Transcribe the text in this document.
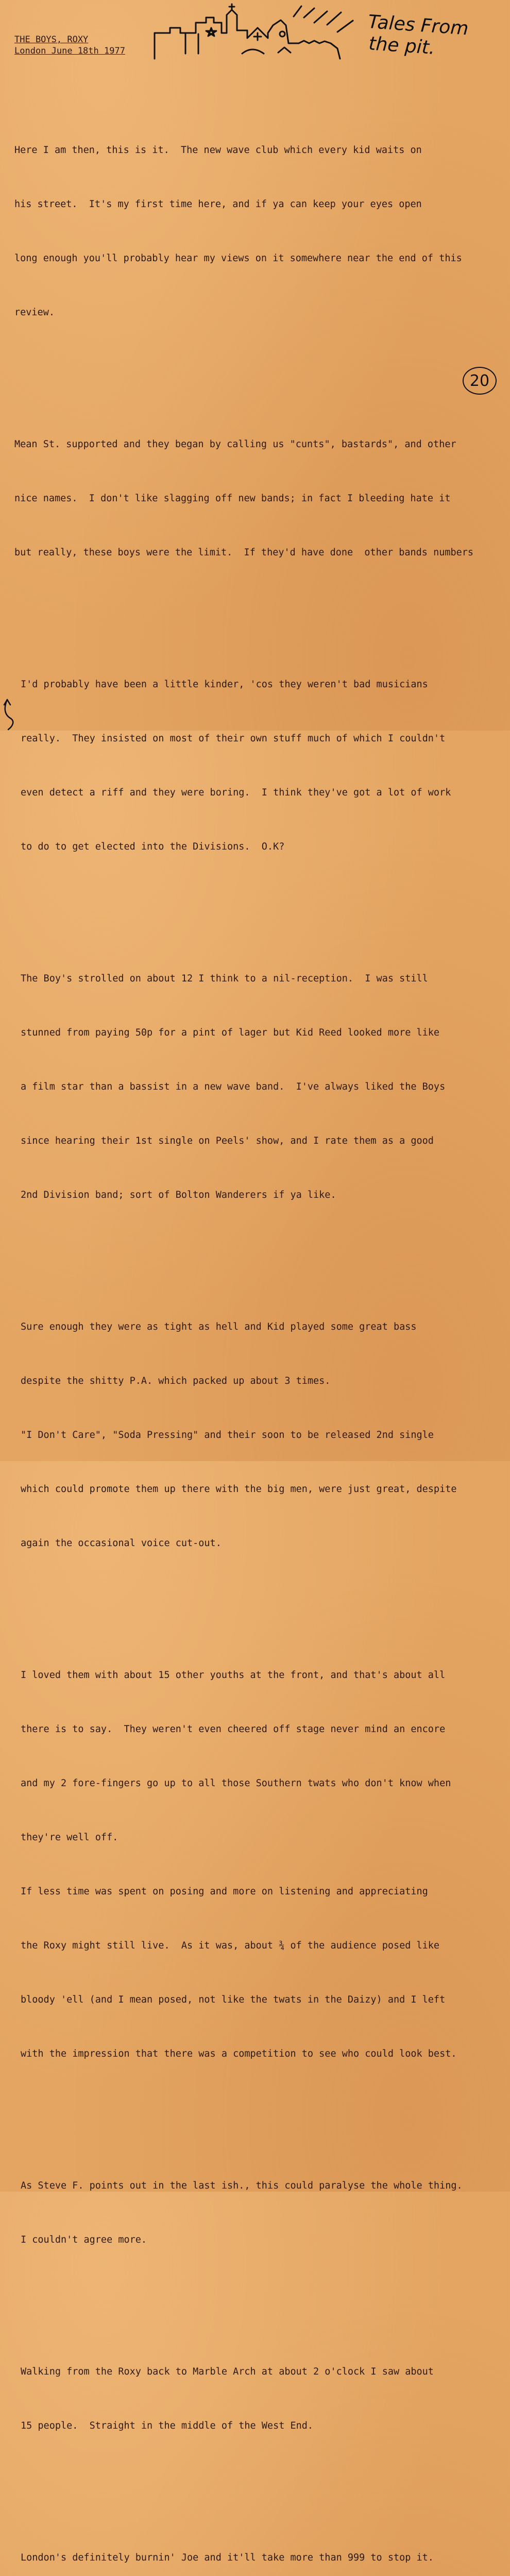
THE BOYS, ROXY
London June 18th 1977
Tales From
the pit.
20

Here I am then, this is it.  The new wave club which every kid waits on

his street.  It's my first time here, and if ya can keep your eyes open

long enough you'll probably hear my views on it somewhere near the end of this

review.

Mean St. supported and they began by calling us "cunts", bastards", and other

nice names.  I don't like slagging off new bands; in fact I bleeding hate it

but really, these boys were the limit.  If they'd have done  other bands numbers

I'd probably have been a little kinder, 'cos they weren't bad musicians

really.  They insisted on most of their own stuff much of which I couldn't

even detect a riff and they were boring.  I think they've got a lot of work

to do to get elected into the Divisions.  O.K?

The Boy's strolled on about 12 I think to a nil-reception.  I was still

stunned from paying 50p for a pint of lager but Kid Reed looked more like

a film star than a bassist in a new wave band.  I've always liked the Boys

since hearing their 1st single on Peels' show, and I rate them as a good

2nd Division band; sort of Bolton Wanderers if ya like.

Sure enough they were as tight as hell and Kid played some great bass

despite the shitty P.A. which packed up about 3 times.

"I Don't Care", "Soda Pressing" and their soon to be released 2nd single

which could promote them up there with the big men, were just great, despite

again the occasional voice cut-out.

I loved them with about 15 other youths at the front, and that's about all

there is to say.  They weren't even cheered off stage never mind an encore

and my 2 fore-fingers go up to all those Southern twats who don't know when

they're well off.

If less time was spent on posing and more on listening and appreciating

the Roxy might still live.  As it was, about ¾ of the audience posed like

bloody 'ell (and I mean posed, not like the twats in the Daizy) and I left

with the impression that there was a competition to see who could look best.

As Steve F. points out in the last ish., this could paralyse the whole thing.

I couldn't agree more.

Walking from the Roxy back to Marble Arch at about 2 o'clock I saw about

15 people.  Straight in the middle of the West End.

London's definitely burnin' Joe and it'll take more than 999 to stop it.
